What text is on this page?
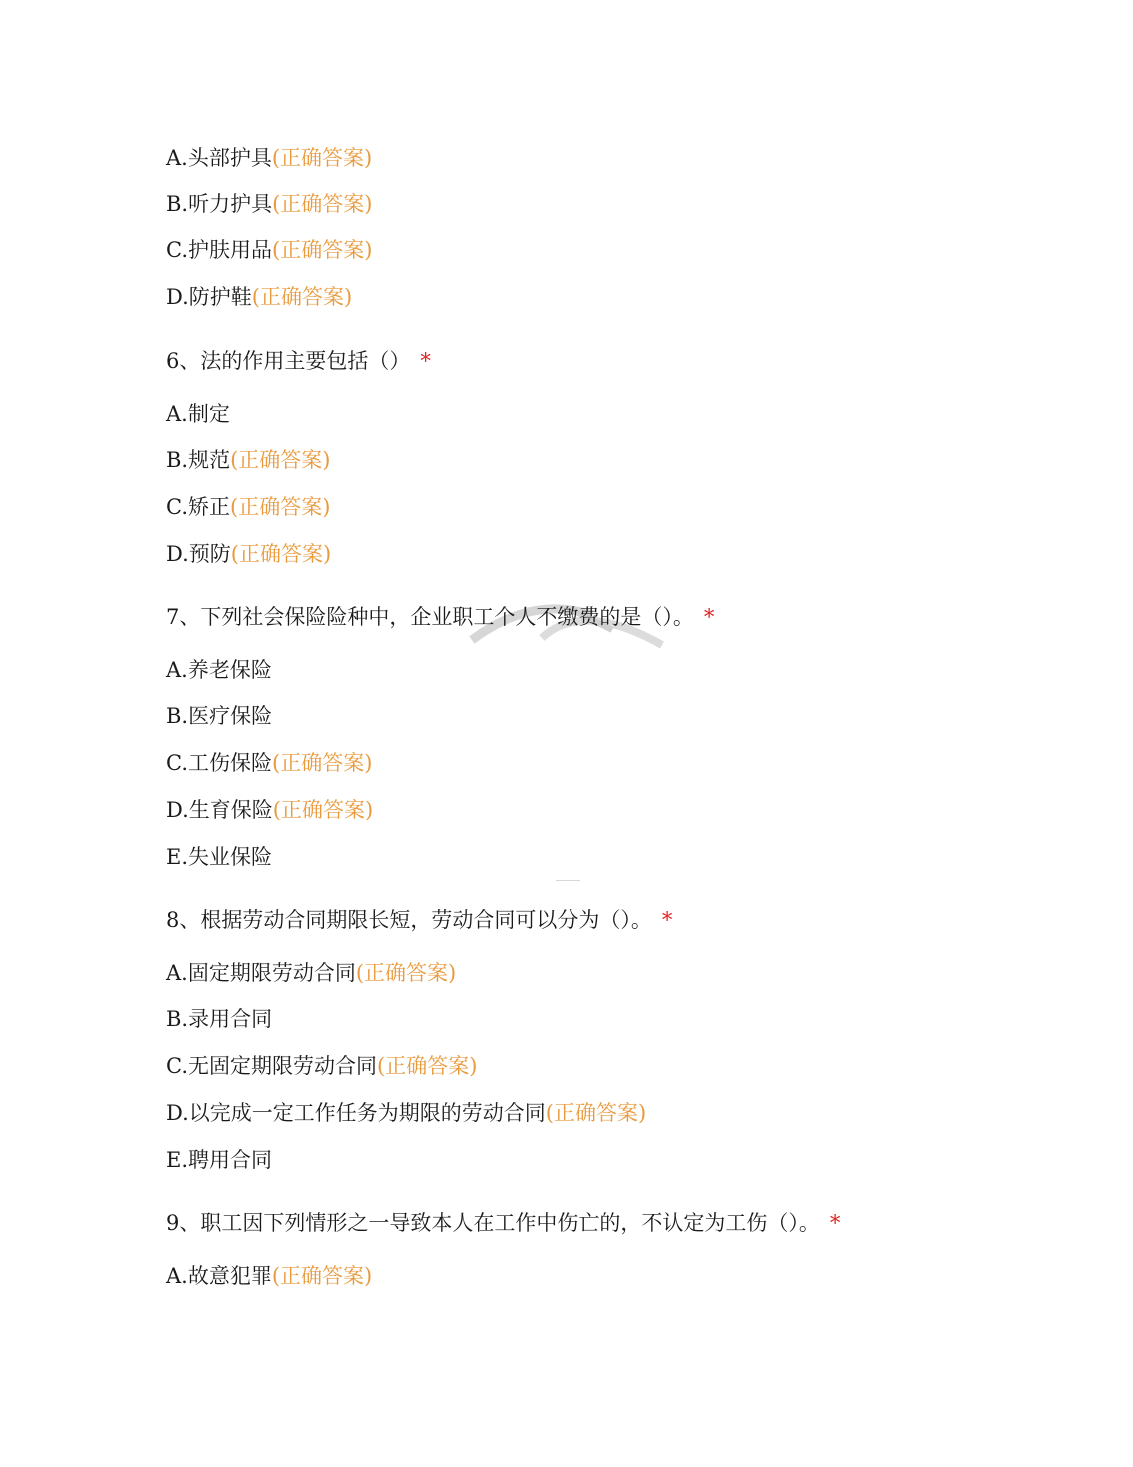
A.头部护具(正确答案)
B.听力护具(正确答案)
C.护肤用品(正确答案)
D.防护鞋(正确答案)
6、法的作用主要包括（） *
A.制定
B.规范(正确答案)
C.矫正(正确答案)
D.预防(正确答案)
7、下列社会保险险种中，企业职工个人不缴费的是（）。 *
A.养老保险
B.医疗保险
C.工伤保险(正确答案)
D.生育保险(正确答案)
E.失业保险
8、根据劳动合同期限长短，劳动合同可以分为（）。 *
A.固定期限劳动合同(正确答案)
B.录用合同
C.无固定期限劳动合同(正确答案)
D.以完成一定工作任务为期限的劳动合同(正确答案)
E.聘用合同
9、职工因下列情形之一导致本人在工作中伤亡的，不认定为工伤（）。 *
A.故意犯罪(正确答案)
